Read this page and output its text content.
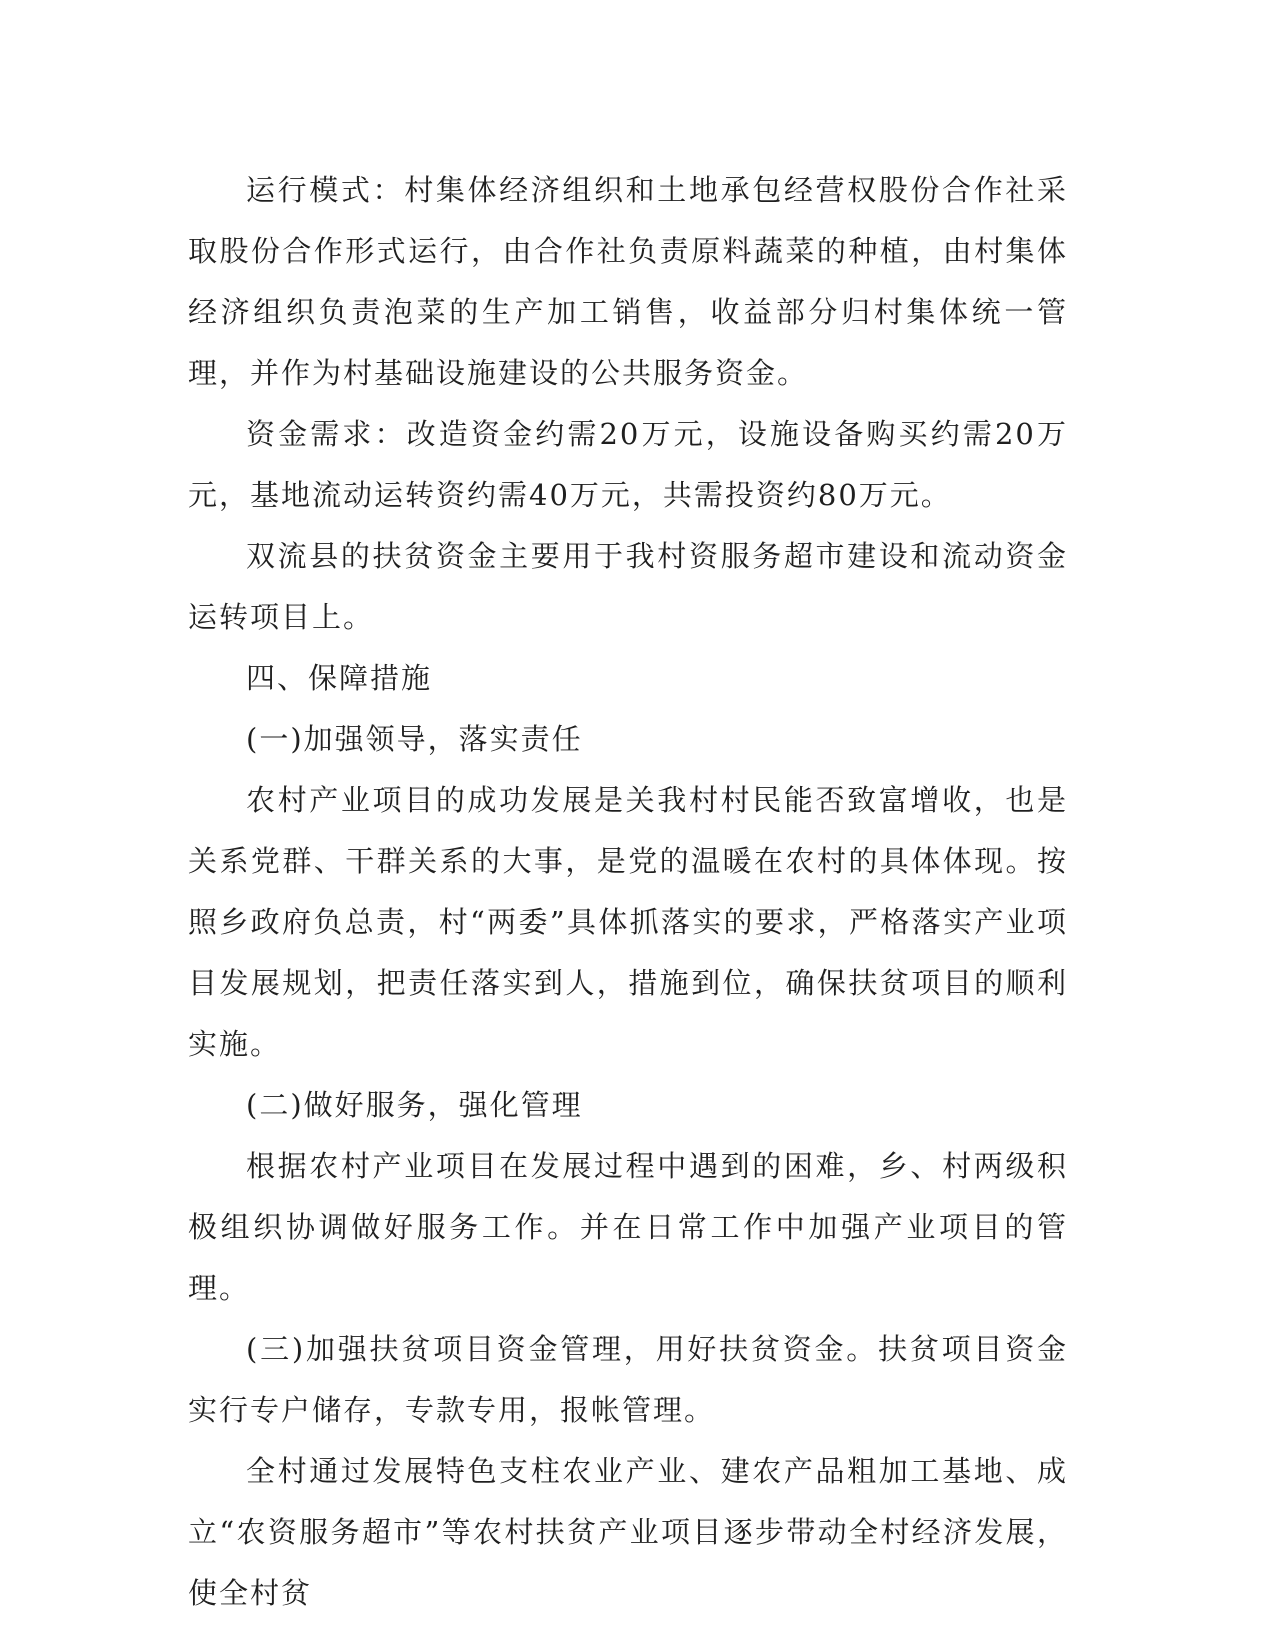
运行模式：村集体经济组织和土地承包经营权股份合作社采取股份合作形式运行，由合作社负责原料蔬菜的种植，由村集体经济组织负责泡菜的生产加工销售，收益部分归村集体统一管理，并作为村基础设施建设的公共服务资金。

资金需求：改造资金约需20万元，设施设备购买约需20万元，基地流动运转资约需40万元，共需投资约80万元。

双流县的扶贫资金主要用于我村资服务超市建设和流动资金运转项目上。

四、保障措施

(一)加强领导，落实责任

农村产业项目的成功发展是关我村村民能否致富增收，也是关系党群、干群关系的大事，是党的温暖在农村的具体体现。按照乡政府负总责，村“两委”具体抓落实的要求，严格落实产业项目发展规划，把责任落实到人，措施到位，确保扶贫项目的顺利实施。

(二)做好服务，强化管理

根据农村产业项目在发展过程中遇到的困难，乡、村两级积极组织协调做好服务工作。并在日常工作中加强产业项目的管理。

(三)加强扶贫项目资金管理，用好扶贫资金。扶贫项目资金实行专户储存，专款专用，报帐管理。

全村通过发展特色支柱农业产业、建农产品粗加工基地、成立“农资服务超市”等农村扶贫产业项目逐步带动全村经济发展，使全村贫
